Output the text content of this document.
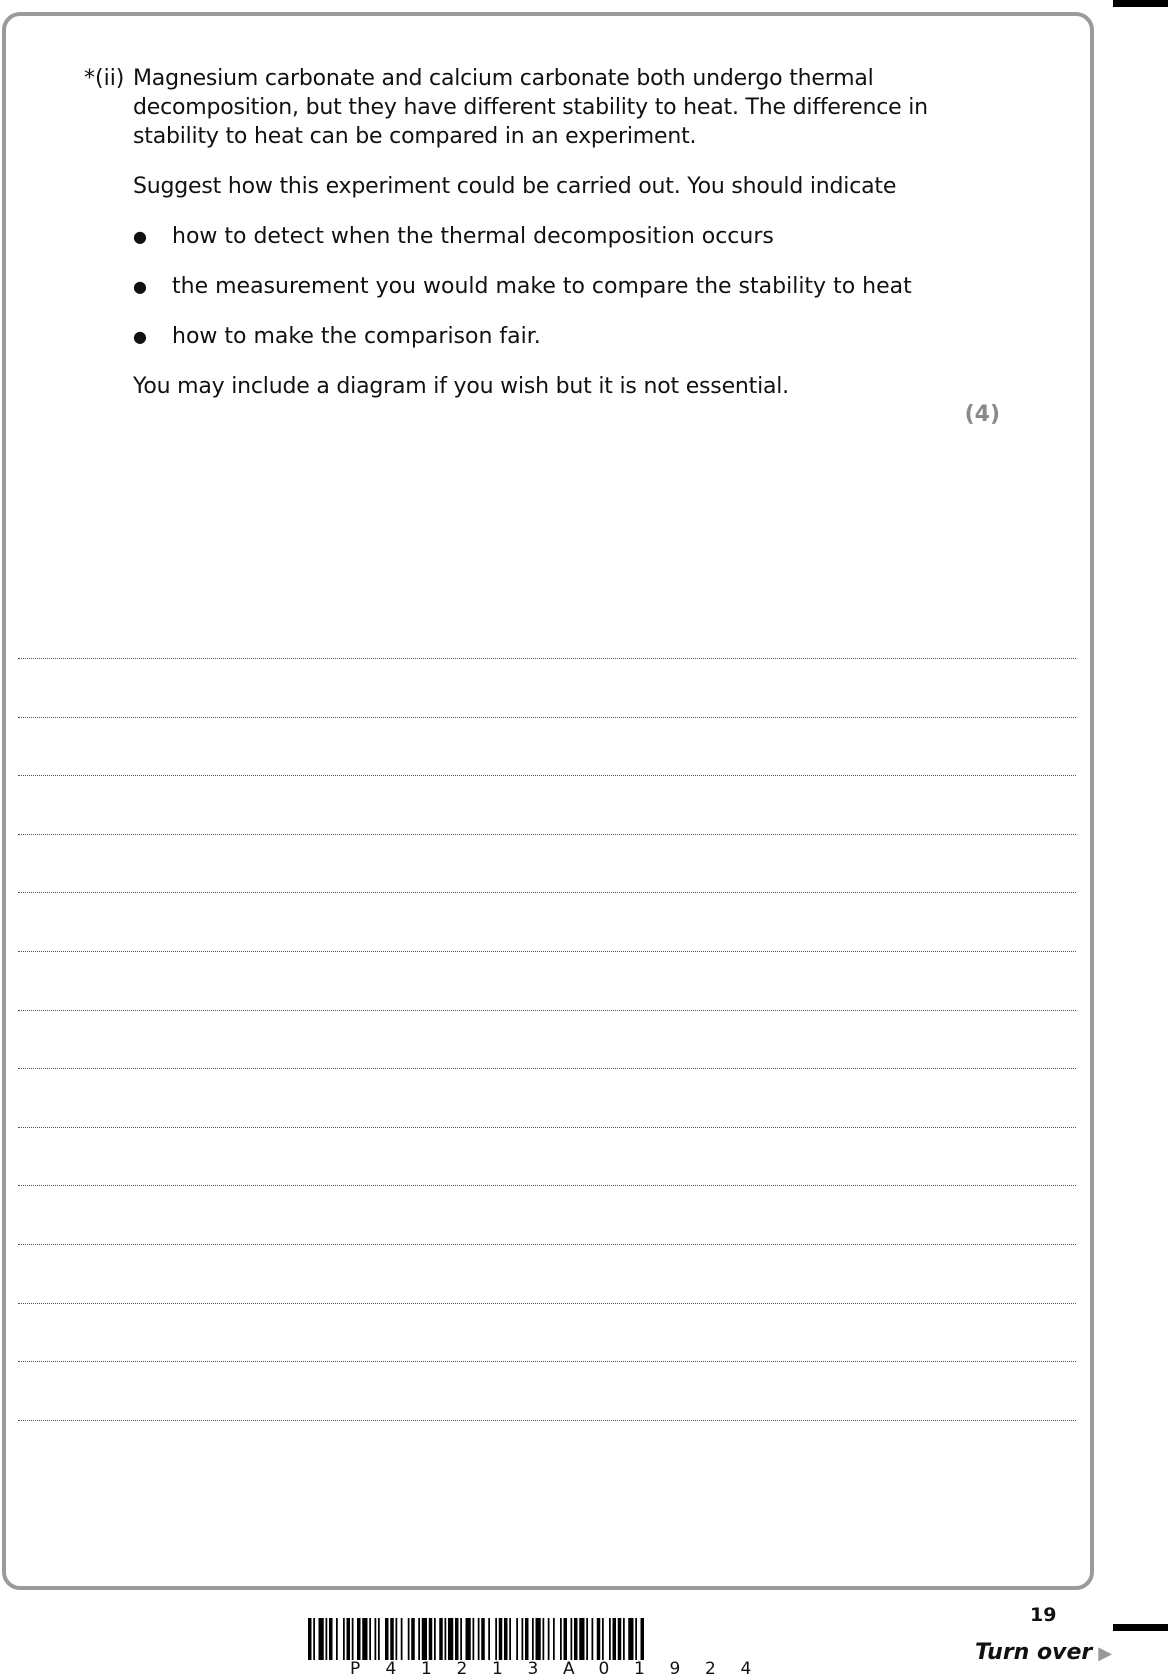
*(ii) Magnesium carbonate and calcium carbonate both undergo thermal decomposition, but they have different stability to heat. The difference in stability to heat can be compared in an experiment.
Suggest how this experiment could be carried out. You should indicate
●	how to detect when the thermal decomposition occurs
●	the measurement you would make to compare the stability to heat
●	how to make the comparison fair.
You may include a diagram if you wish but it is not essential.
(4)
19
P 4 1 2 1 3 A 0 1 9 2 4
Turn over ▶
